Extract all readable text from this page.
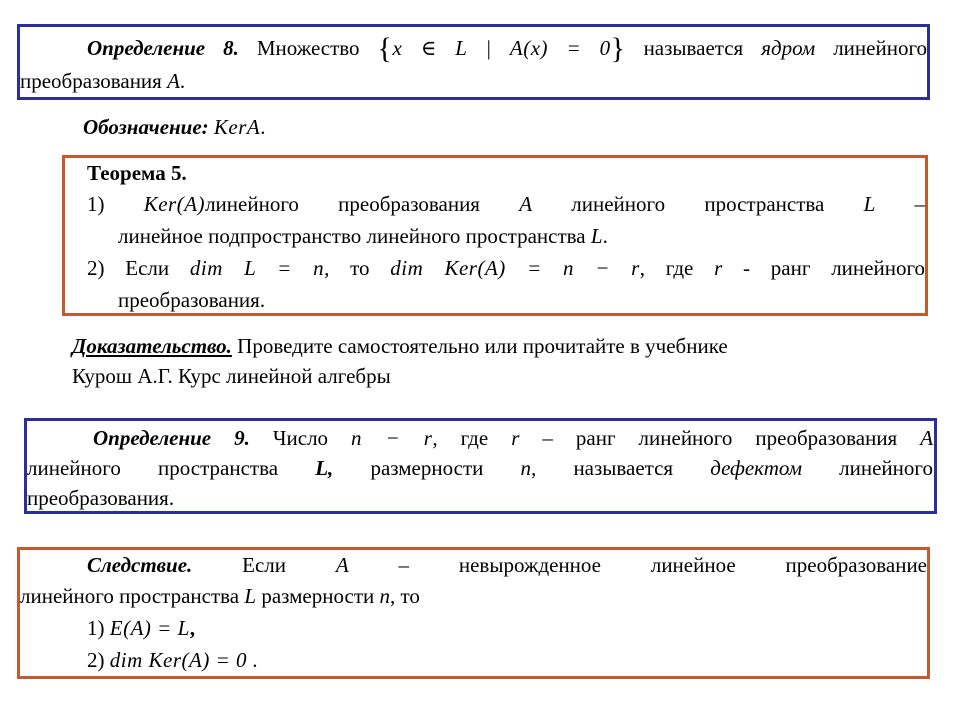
Определение 8. Множество {x ∈ L | A(x) = 0} называется ядром линейного
преобразования A.
Обозначение: KerA.
Теорема 5.
1) Ker(A)линейного преобразования A линейного пространства L –
линейное подпространство линейного пространства L.
2) Если dim L = n, то dim Ker(A) = n − r, где r - ранг линейного
преобразования.
Доказательство. Проведите самостоятельно или прочитайте в учебнике
Курош А.Г. Курс линейной алгебры
Определение 9. Число n − r, где r – ранг линейного преобразования A
линейного пространства L, размерности n, называется дефектом линейного
преобразования.
Следствие. Если A – невырожденное линейное преобразование
линейного пространства L размерности n, то
1) E(A) = L,
2) dim Ker(A) = 0 .
